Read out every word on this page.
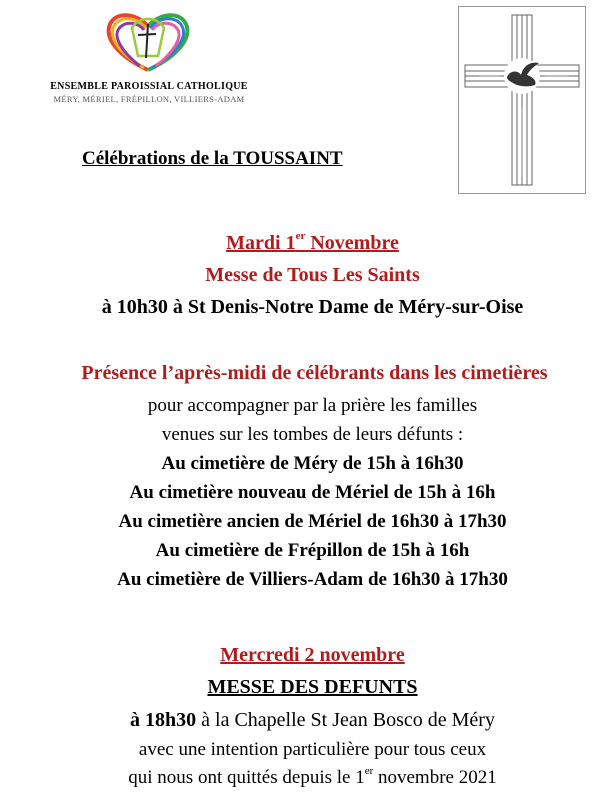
ENSEMBLE PAROISSIAL CATHOLIQUE
MÉRY, MÉRIEL, FRÉPILLON, VILLIERS-ADAM
Célébrations de la TOUSSAINT
Mardi 1er Novembre
Messe de Tous Les Saints
à 10h30 à St Denis-Notre Dame de Méry-sur-Oise
Présence l’après-midi de célébrants dans les cimetières
pour accompagner par la prière les familles
venues sur les tombes de leurs défunts :
Au cimetière de Méry de 15h à 16h30
Au cimetière nouveau de Mériel de 15h à 16h
Au cimetière ancien de Mériel de 16h30 à 17h30
Au cimetière de Frépillon de 15h à 16h
Au cimetière de Villiers-Adam de 16h30 à 17h30
Mercredi 2 novembre
MESSE DES DEFUNTS
à 18h30 à la Chapelle St Jean Bosco de Méry
avec une intention particulière pour tous ceux
qui nous ont quittés depuis le 1er novembre 2021
